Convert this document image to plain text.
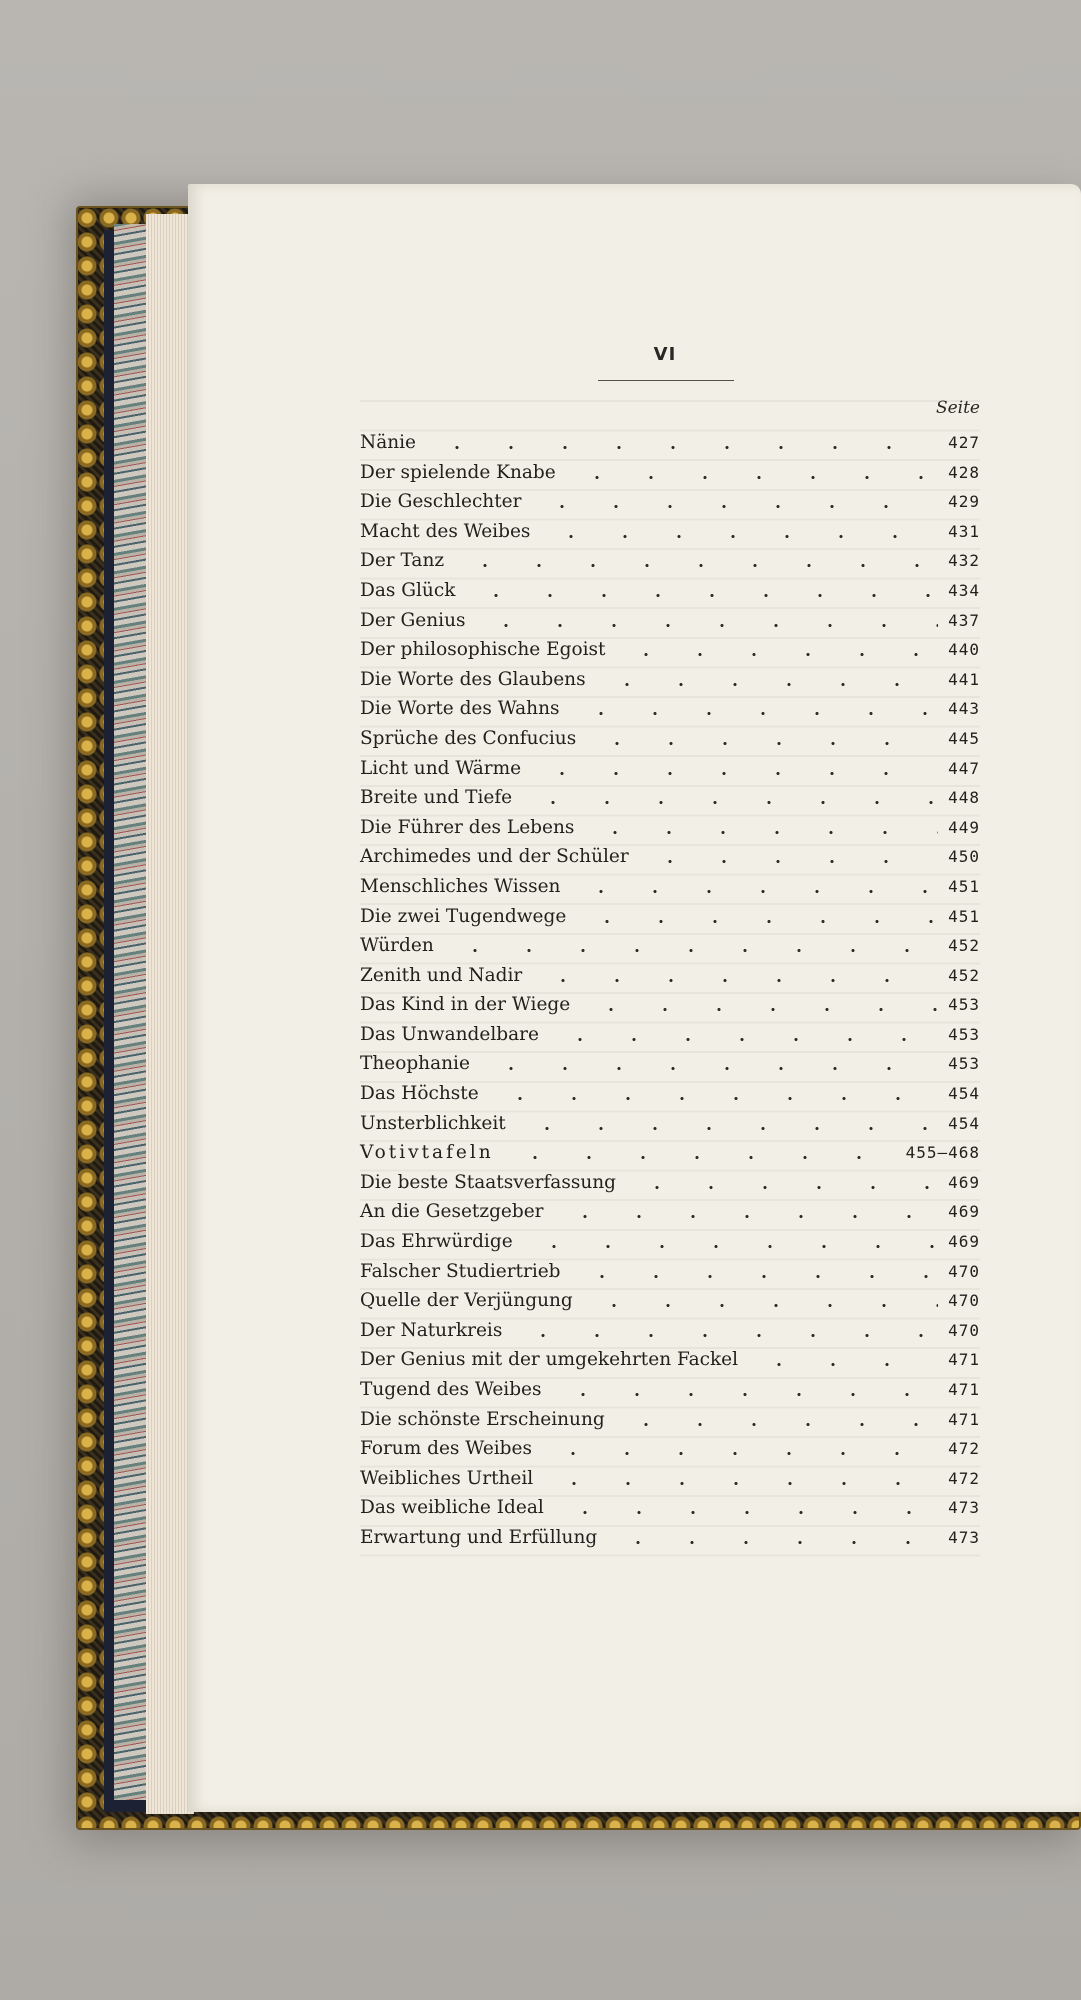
VI
Seite
Nänie	427
Der spielende Knabe	428
Die Geschlechter	429
Macht des Weibes	431
Der Tanz	432
Das Glück	434
Der Genius	437
Der philosophische Egoist	440
Die Worte des Glaubens	441
Die Worte des Wahns	443
Sprüche des Confucius	445
Licht und Wärme	447
Breite und Tiefe	448
Die Führer des Lebens	449
Archimedes und der Schüler	450
Menschliches Wissen	451
Die zwei Tugendwege	451
Würden	452
Zenith und Nadir	452
Das Kind in der Wiege	453
Das Unwandelbare	453
Theophanie	453
Das Höchste	454
Unsterblichkeit	454
Votivtafeln	455—468
Die beste Staatsverfassung	469
An die Gesetzgeber	469
Das Ehrwürdige	469
Falscher Studiertrieb	470
Quelle der Verjüngung	470
Der Naturkreis	470
Der Genius mit der umgekehrten Fackel	471
Tugend des Weibes	471
Die schönste Erscheinung	471
Forum des Weibes	472
Weibliches Urtheil	472
Das weibliche Ideal	473
Erwartung und Erfüllung	473
